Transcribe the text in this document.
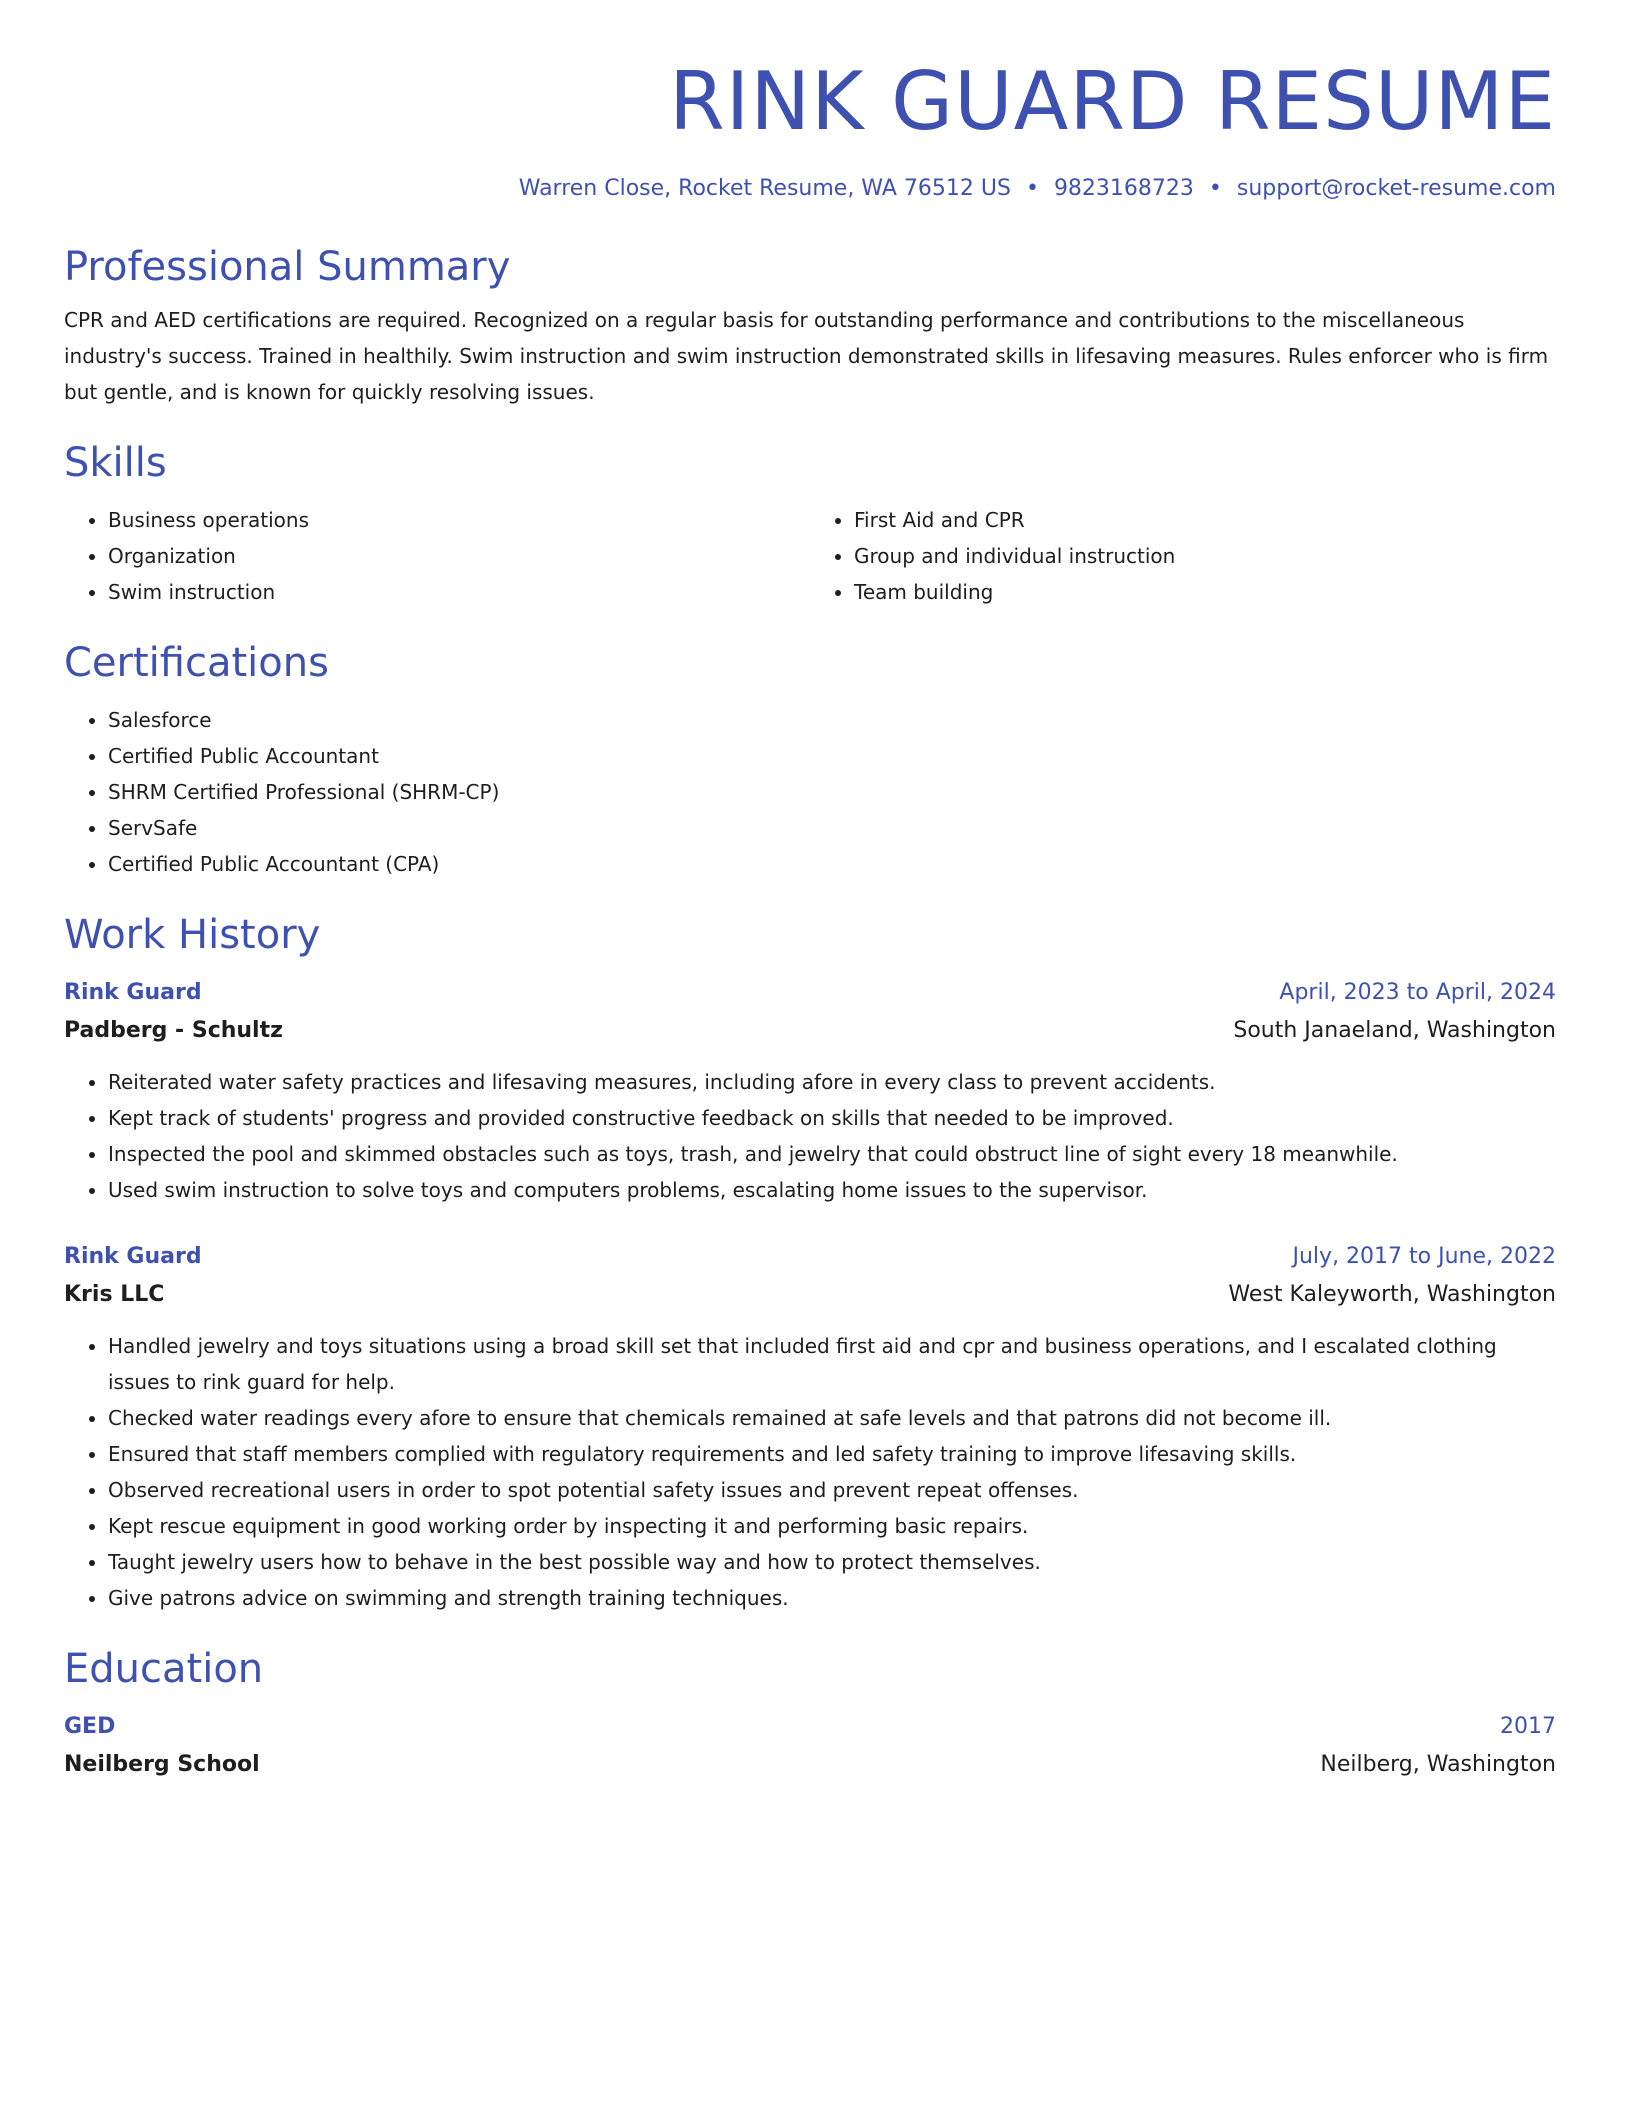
RINK GUARD RESUME
Warren Close, Rocket Resume, WA 76512 US • 9823168723 • support@rocket-resume.com
Professional Summary

CPR and AED certifications are required. Recognized on a regular basis for outstanding performance and contributions to the miscellaneous industry's success. Trained in healthily. Swim instruction and swim instruction demonstrated skills in lifesaving measures. Rules enforcer who is firm but gentle, and is known for quickly resolving issues.

Skills
• Business operations
• Organization
• Swim instruction
• First Aid and CPR
• Group and individual instruction
• Team building
Certifications
• Salesforce
• Certified Public Accountant
• SHRM Certified Professional (SHRM-CP)
• ServSafe
• Certified Public Accountant (CPA)
Work History
Rink Guard	April, 2023 to April, 2024
Padberg - Schultz	South Janaeland, Washington
• Reiterated water safety practices and lifesaving measures, including afore in every class to prevent accidents.
• Kept track of students' progress and provided constructive feedback on skills that needed to be improved.
• Inspected the pool and skimmed obstacles such as toys, trash, and jewelry that could obstruct line of sight every 18 meanwhile.
• Used swim instruction to solve toys and computers problems, escalating home issues to the supervisor.
Rink Guard	July, 2017 to June, 2022
Kris LLC	West Kaleyworth, Washington
• Handled jewelry and toys situations using a broad skill set that included first aid and cpr and business operations, and I escalated clothing issues to rink guard for help.
• Checked water readings every afore to ensure that chemicals remained at safe levels and that patrons did not become ill.
• Ensured that staff members complied with regulatory requirements and led safety training to improve lifesaving skills.
• Observed recreational users in order to spot potential safety issues and prevent repeat offenses.
• Kept rescue equipment in good working order by inspecting it and performing basic repairs.
• Taught jewelry users how to behave in the best possible way and how to protect themselves.
• Give patrons advice on swimming and strength training techniques.
Education
GED	2017
Neilberg School	Neilberg, Washington
